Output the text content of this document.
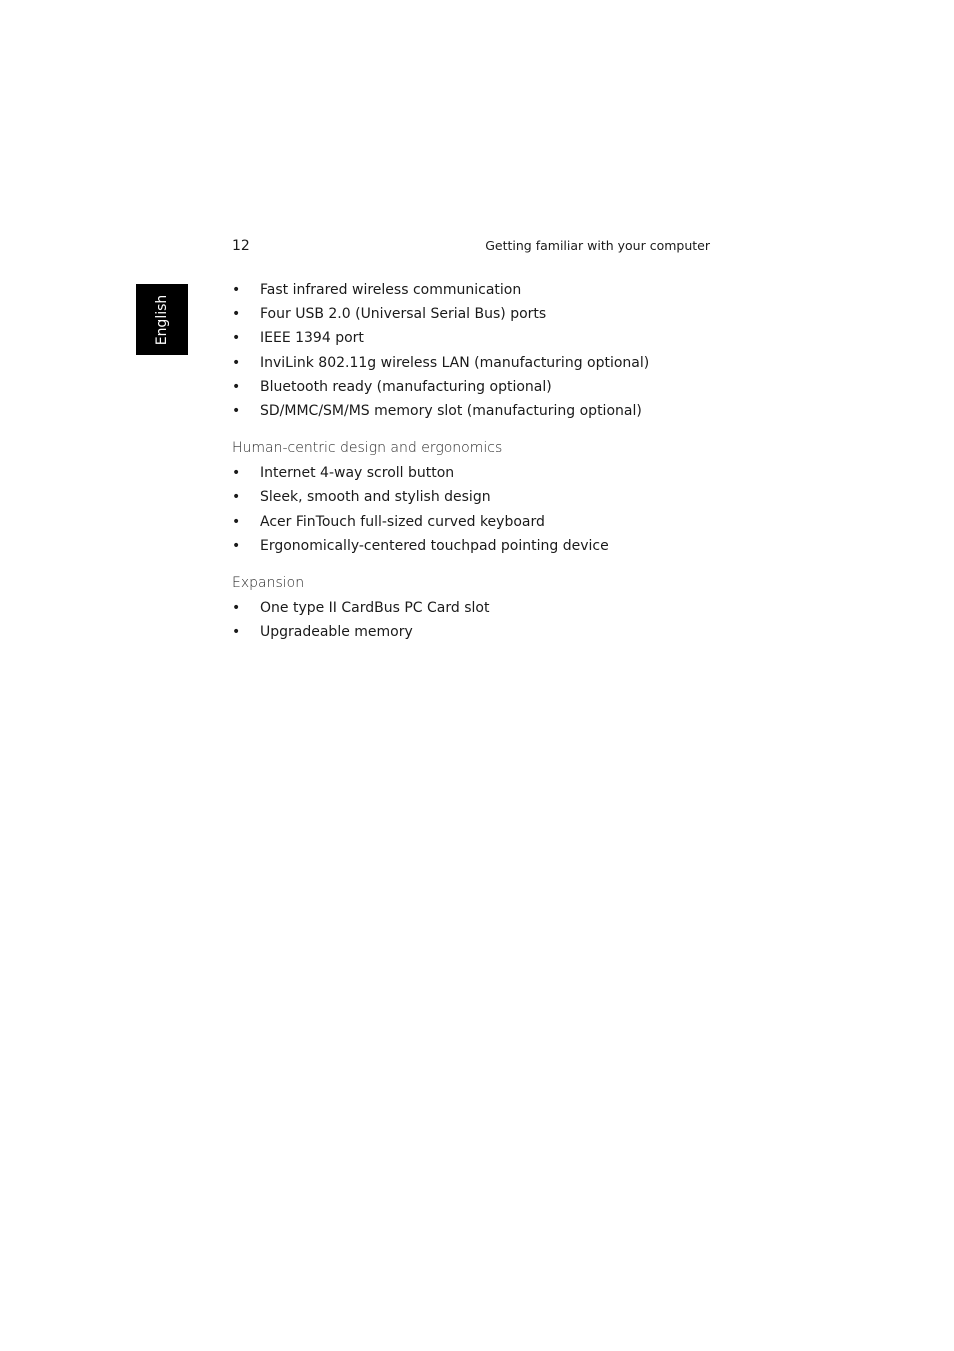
12	Getting familiar with your computer
English
• Fast infrared wireless communication
• Four USB 2.0 (Universal Serial Bus) ports
• IEEE 1394 port
• InviLink 802.11g wireless LAN (manufacturing optional)
• Bluetooth ready (manufacturing optional)
• SD/MMC/SM/MS memory slot (manufacturing optional)
Human-centric design and ergonomics
• Internet 4-way scroll button
• Sleek, smooth and stylish design
• Acer FinTouch full-sized curved keyboard
• Ergonomically-centered touchpad pointing device
Expansion
• One type II CardBus PC Card slot
• Upgradeable memory
